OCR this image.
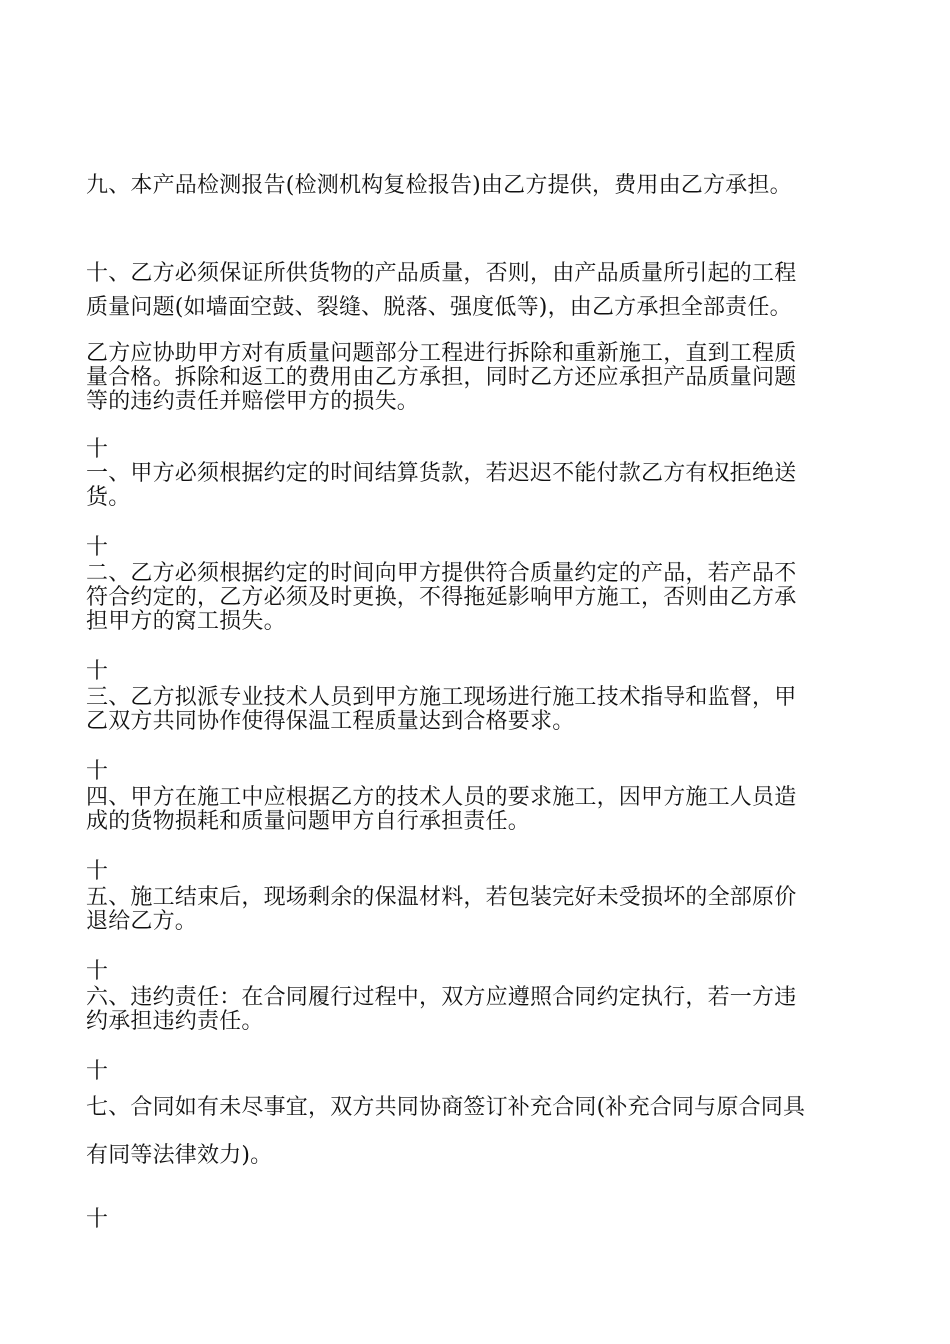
九、本产品检测报告(检测机构复检报告)由乙方提供，费用由乙方承担。
十、乙方必须保证所供货物的产品质量，否则，由产品质量所引起的工程
质量问题(如墙面空鼓、裂缝、脱落、强度低等)，由乙方承担全部责任。
乙方应协助甲方对有质量问题部分工程进行拆除和重新施工，直到工程质
量合格。拆除和返工的费用由乙方承担，同时乙方还应承担产品质量问题
等的违约责任并赔偿甲方的损失。
十
一、甲方必须根据约定的时间结算货款，若迟迟不能付款乙方有权拒绝送
货。
十
二、乙方必须根据约定的时间向甲方提供符合质量约定的产品，若产品不
符合约定的，乙方必须及时更换，不得拖延影响甲方施工，否则由乙方承
担甲方的窝工损失。
十
三、乙方拟派专业技术人员到甲方施工现场进行施工技术指导和监督，甲
乙双方共同协作使得保温工程质量达到合格要求。
十
四、甲方在施工中应根据乙方的技术人员的要求施工，因甲方施工人员造
成的货物损耗和质量问题甲方自行承担责任。
十
五、施工结束后，现场剩余的保温材料，若包装完好未受损坏的全部原价
退给乙方。
十
六、违约责任：在合同履行过程中，双方应遵照合同约定执行，若一方违
约承担违约责任。
十
七、合同如有未尽事宜，双方共同协商签订补充合同(补充合同与原合同具
有同等法律效力)。
十
